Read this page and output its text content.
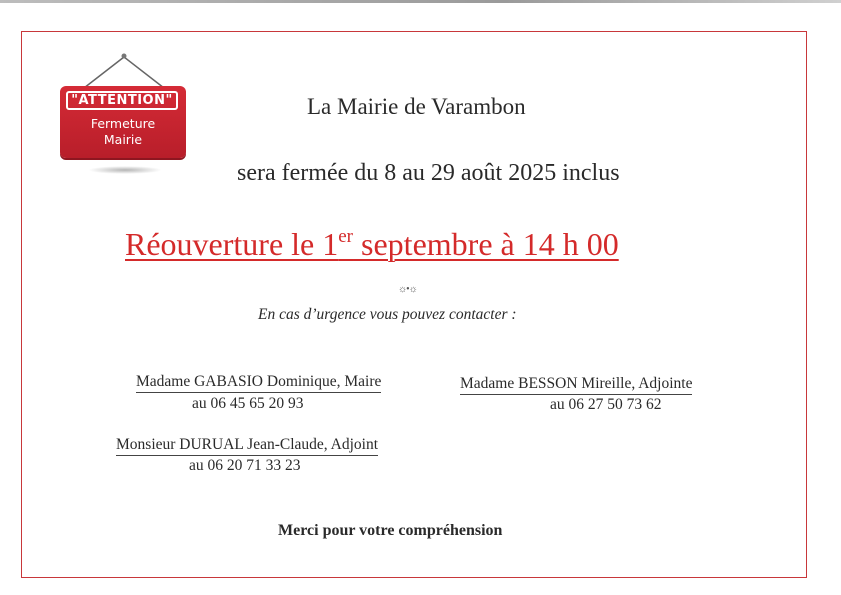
"ATTENTION"
Fermeture
Mairie
La Mairie de Varambon
sera fermée du 8 au 29 août 2025 inclus
Réouverture le 1er septembre à 14 h 00
☼•☼
En cas d’urgence vous pouvez contacter :
Madame GABASIO Dominique, Maire
au 06 45 65 20 93
Madame BESSON Mireille, Adjointe
au 06 27 50 73 62
Monsieur DURUAL Jean-Claude, Adjoint
au 06 20 71 33 23
Merci pour votre compréhension
